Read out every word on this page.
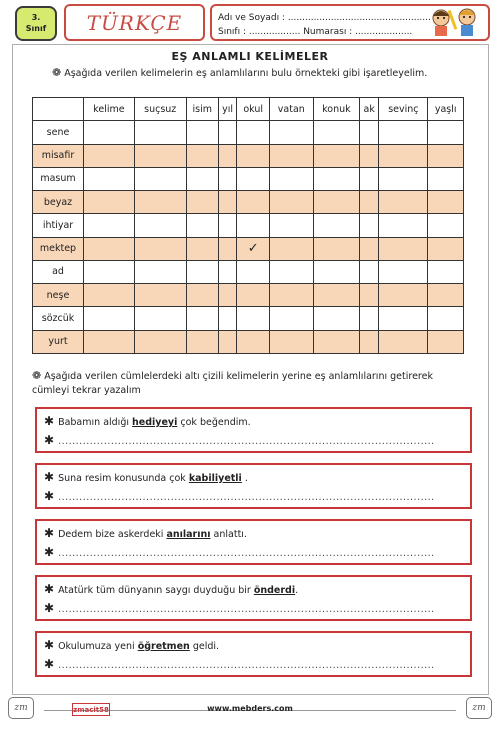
3.
Sınıf	TÜRKÇE	Adı ve Soyadı : ..................................................
Sınıfı : .................. Numarası : ....................
EŞ ANLAMLI KELİMELER
❁ Aşağıda verilen kelimelerin eş anlamlılarını bulu örnekteki gibi işaretleyelim.
	kelime	suçsuz	isim	yıl	okul	vatan	konuk	ak	sevinç	yaşlı
sene										
misafir										
masum										
beyaz										
ihtiyar										
mektep					✓					
ad										
neşe										
sözcük										
yurt										
❁ Aşağıda verilen cümlelerdeki altı çizili kelimelerin yerine eş anlamlılarını getirerek
cümleyi tekrar yazalım
✱ Babamın aldığı hediyeyi çok beğendim.
✱ ...........................................................................................................
✱ Suna resim konusunda çok kabiliyetli .
✱ ...........................................................................................................
✱ Dedem bize askerdeki anılarını anlattı.
✱ ...........................................................................................................
✱ Atatürk tüm dünyanın saygı duyduğu bir önderdi.
✱ ...........................................................................................................
✱ Okulumuza yeni öğretmen geldi.
✱ ...........................................................................................................
zm	zm
zmacit58	www.mebders.com
